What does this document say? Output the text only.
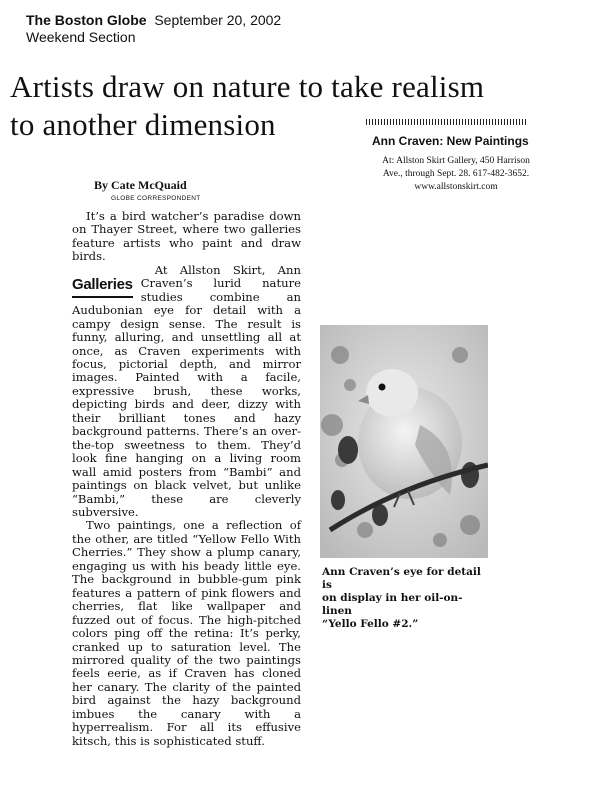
The Boston Globe September 20, 2002
Weekend Section
Artists draw on nature to take realism
to another dimension	Ann Craven: New Paintings
At: Allston Skirt Gallery, 450 Harrison
Ave., through Sept. 28. 617-482-3652.
www.allstonskirt.com
By Cate McQuaid
GLOBE CORRESPONDENT

It’s a bird watcher’s paradise down on Thayer Street, where two galleries feature artists who paint and draw birds.

Galleries

At Allston Skirt, Ann Craven’s lurid nature studies combine an Audubonian eye for detail with a campy design sense. The result is funny, alluring, and unsettling all at once, as Craven experiments with focus, pictorial depth, and mirror images. Painted with a facile, expressive brush, these works, depicting birds and deer, dizzy with their brilliant tones and hazy background patterns. There’s an over-the-top sweetness to them. They’d look fine hanging on a living room wall amid posters from “Bambi” and paintings on black velvet, but unlike “Bambi,” these are cleverly subversive.

Two paintings, one a reflection of the other, are titled “Yellow Fello With Cherries.” They show a plump canary, engaging us with his beady little eye. The background in bubble-gum pink features a pattern of pink flowers and cherries, flat like wallpaper and fuzzed out of focus. The high-pitched colors ping off the retina: It’s perky, cranked up to saturation level. The mirrored quality of the two paintings feels eerie, as if Craven has cloned her canary. The clarity of the painted bird against the hazy background imbues the canary with a hyperrealism. For all its effusive kitsch, this is sophisticated stuff.

Ann Craven’s eye for detail is
on display in her oil-on-linen
“Yello Fello #2.”
